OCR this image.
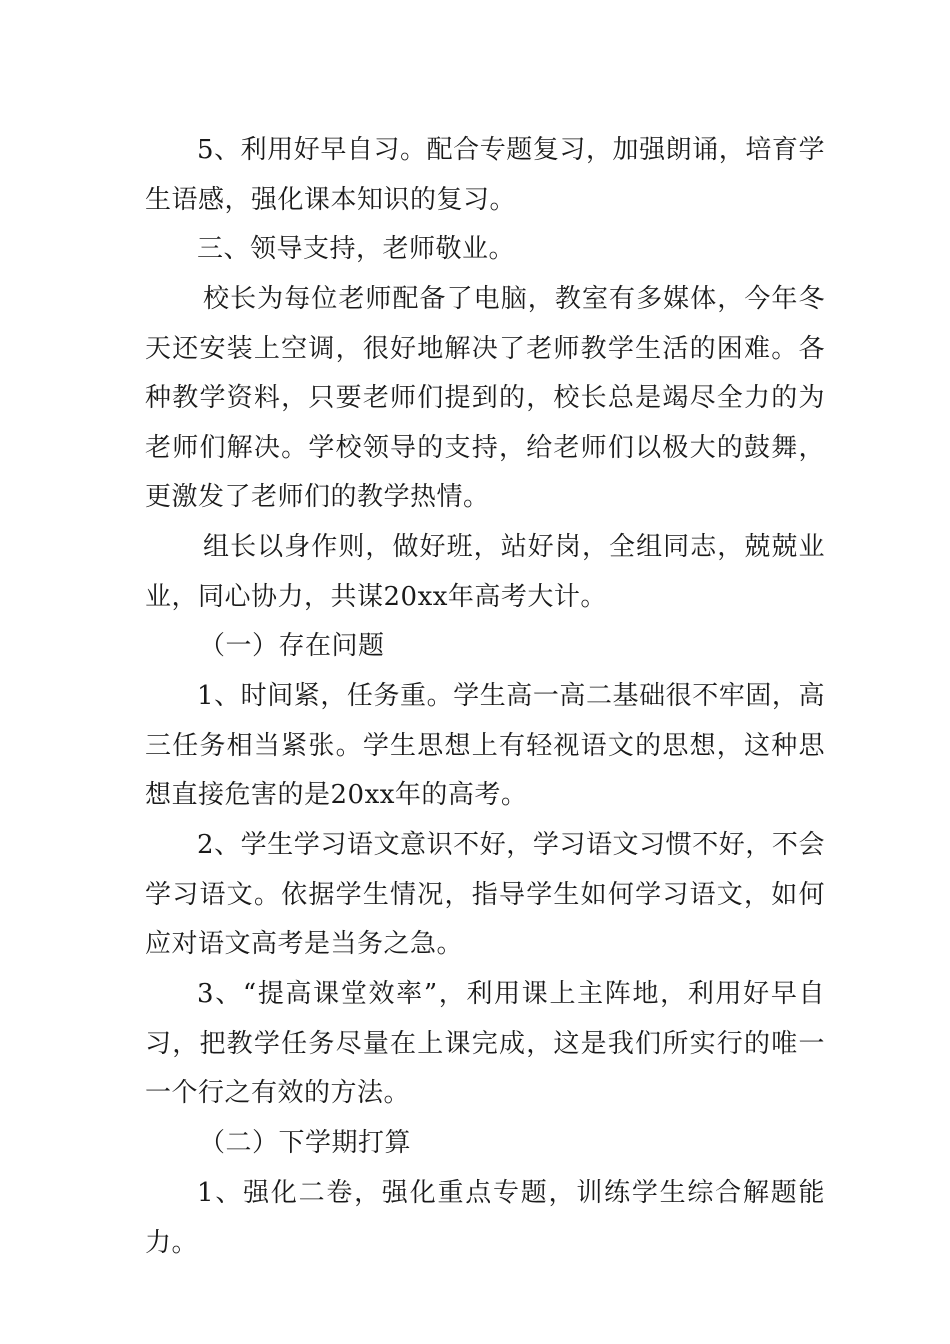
5、利用好早自习。配合专题复习，加强朗诵，培育学生语感，强化课本知识的复习。

三、领导支持，老师敬业。

校长为每位老师配备了电脑，教室有多媒体，今年冬天还安装上空调，很好地解决了老师教学生活的困难。各种教学资料，只要老师们提到的，校长总是竭尽全力的为老师们解决。学校领导的支持，给老师们以极大的鼓舞，更激发了老师们的教学热情。

组长以身作则，做好班，站好岗，全组同志，兢兢业业，同心协力，共谋20xx年高考大计。

（一）存在问题

1、时间紧，任务重。学生高一高二基础很不牢固，高三任务相当紧张。学生思想上有轻视语文的思想，这种思想直接危害的是20xx年的高考。

2、学生学习语文意识不好，学习语文习惯不好，不会学习语文。依据学生情况，指导学生如何学习语文，如何应对语文高考是当务之急。

3、“提高课堂效率”，利用课上主阵地，利用好早自习，把教学任务尽量在上课完成，这是我们所实行的唯一一个行之有效的方法。

（二）下学期打算

1、强化二卷，强化重点专题，训练学生综合解题能力。
